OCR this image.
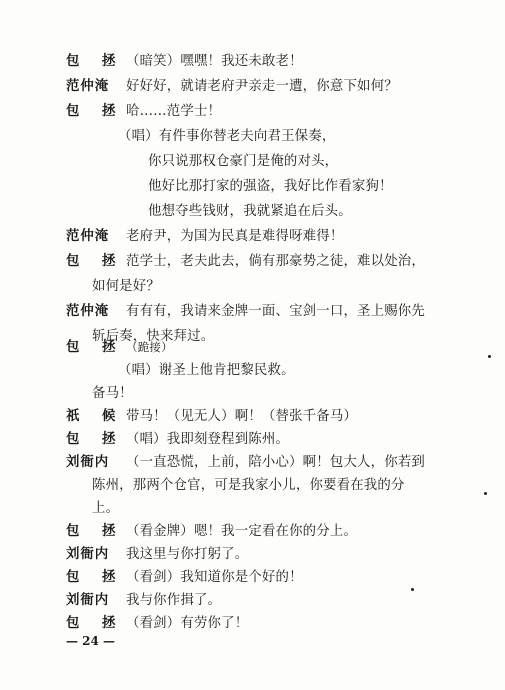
包 拯 （暗笑）嘿嘿！我还未敢老！
范仲淹 好好好，就请老府尹亲走一遭，你意下如何？
包 拯 哈……范学士！
（唱）有件事你替老夫向君王保奏，
你只说那权仓豪门是俺的对头，
他好比那打家的强盗，我好比作看家狗！
他想夺些钱财，我就紧追在后头。
范仲淹 老府尹，为国为民真是难得呀难得！
包 拯 范学士，老夫此去，倘有那豪势之徒，难以处治，
如何是好？
范仲淹 有有有，我请来金牌一面、宝剑一口，圣上赐你先
斩后奏，快来拜过。
包 拯 （跪接）
（唱）谢圣上他肯把黎民救。
备马！
祇 候 带马！（见无人）啊！（替张千备马）
包 拯 （唱）我即刻登程到陈州。
刘衙内 （一直恐慌，上前，陪小心）啊！包大人，你若到
陈州，那两个仓官，可是我家小儿，你要看在我的分
上。
包 拯 （看金牌）嗯！我一定看在你的分上。
刘衙内 我这里与你打躬了。
包 拯 （看剑）我知道你是个好的！
— 24 —
刘衙内 我与你作揖了。
包 拯 （看剑）有劳你了！
